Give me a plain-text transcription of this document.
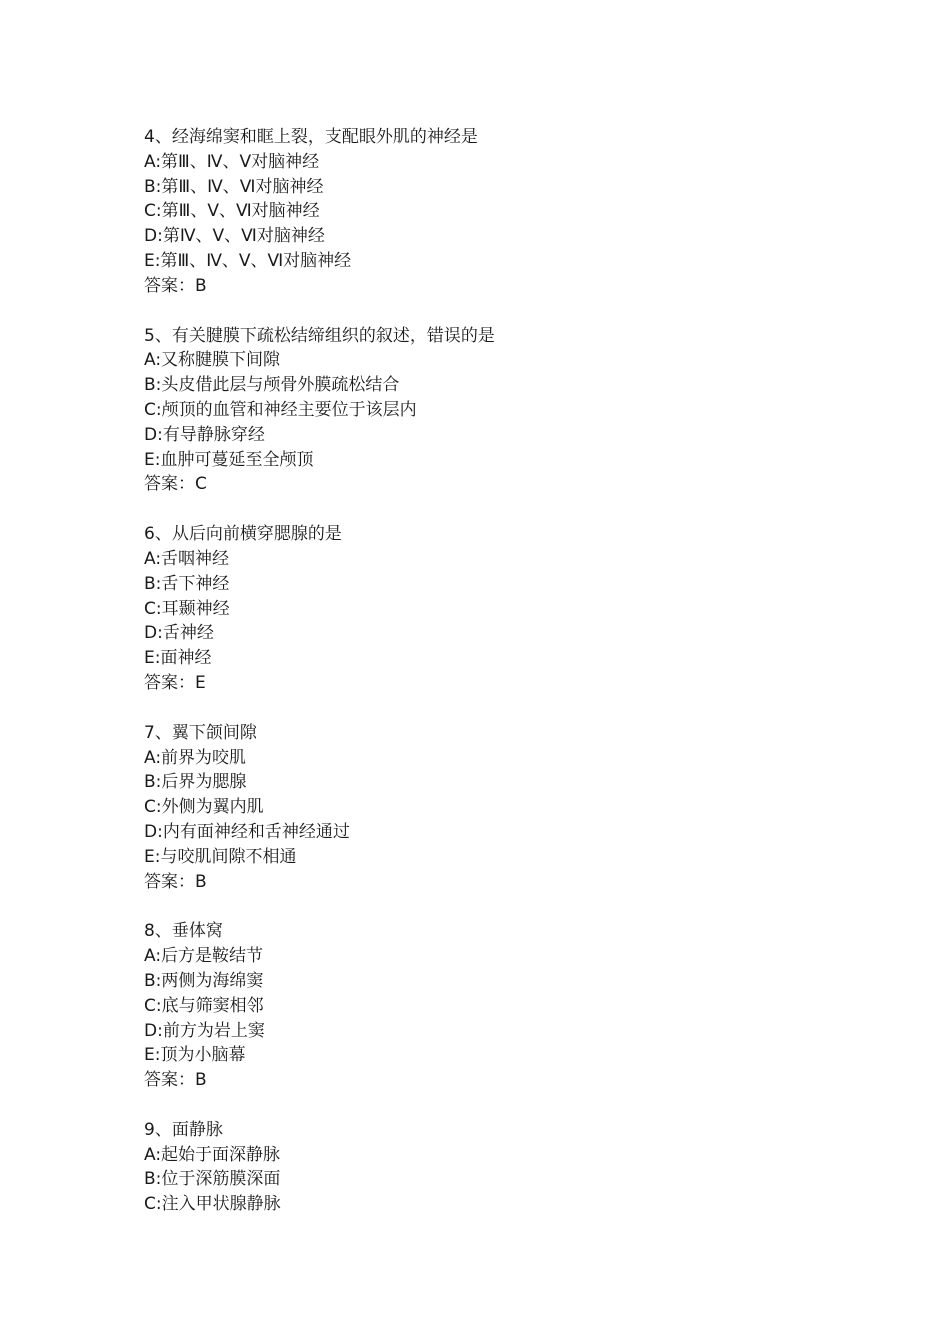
4、经海绵窦和眶上裂，支配眼外肌的神经是
A:第Ⅲ、Ⅳ、Ⅴ对脑神经
B:第Ⅲ、Ⅳ、Ⅵ对脑神经
C:第Ⅲ、Ⅴ、Ⅵ对脑神经
D:第Ⅳ、Ⅴ、Ⅵ对脑神经
E:第Ⅲ、Ⅳ、Ⅴ、Ⅵ对脑神经
答案：B
5、有关腱膜下疏松结缔组织的叙述，错误的是
A:又称腱膜下间隙
B:头皮借此层与颅骨外膜疏松结合
C:颅顶的血管和神经主要位于该层内
D:有导静脉穿经
E:血肿可蔓延至全颅顶
答案：C
6、从后向前横穿腮腺的是
A:舌咽神经
B:舌下神经
C:耳颞神经
D:舌神经
E:面神经
答案：E
7、翼下颌间隙
A:前界为咬肌
B:后界为腮腺
C:外侧为翼内肌
D:内有面神经和舌神经通过
E:与咬肌间隙不相通
答案：B
8、垂体窝
A:后方是鞍结节
B:两侧为海绵窦
C:底与筛窦相邻
D:前方为岩上窦
E:顶为小脑幕
答案：B
9、面静脉
A:起始于面深静脉
B:位于深筋膜深面
C:注入甲状腺静脉
